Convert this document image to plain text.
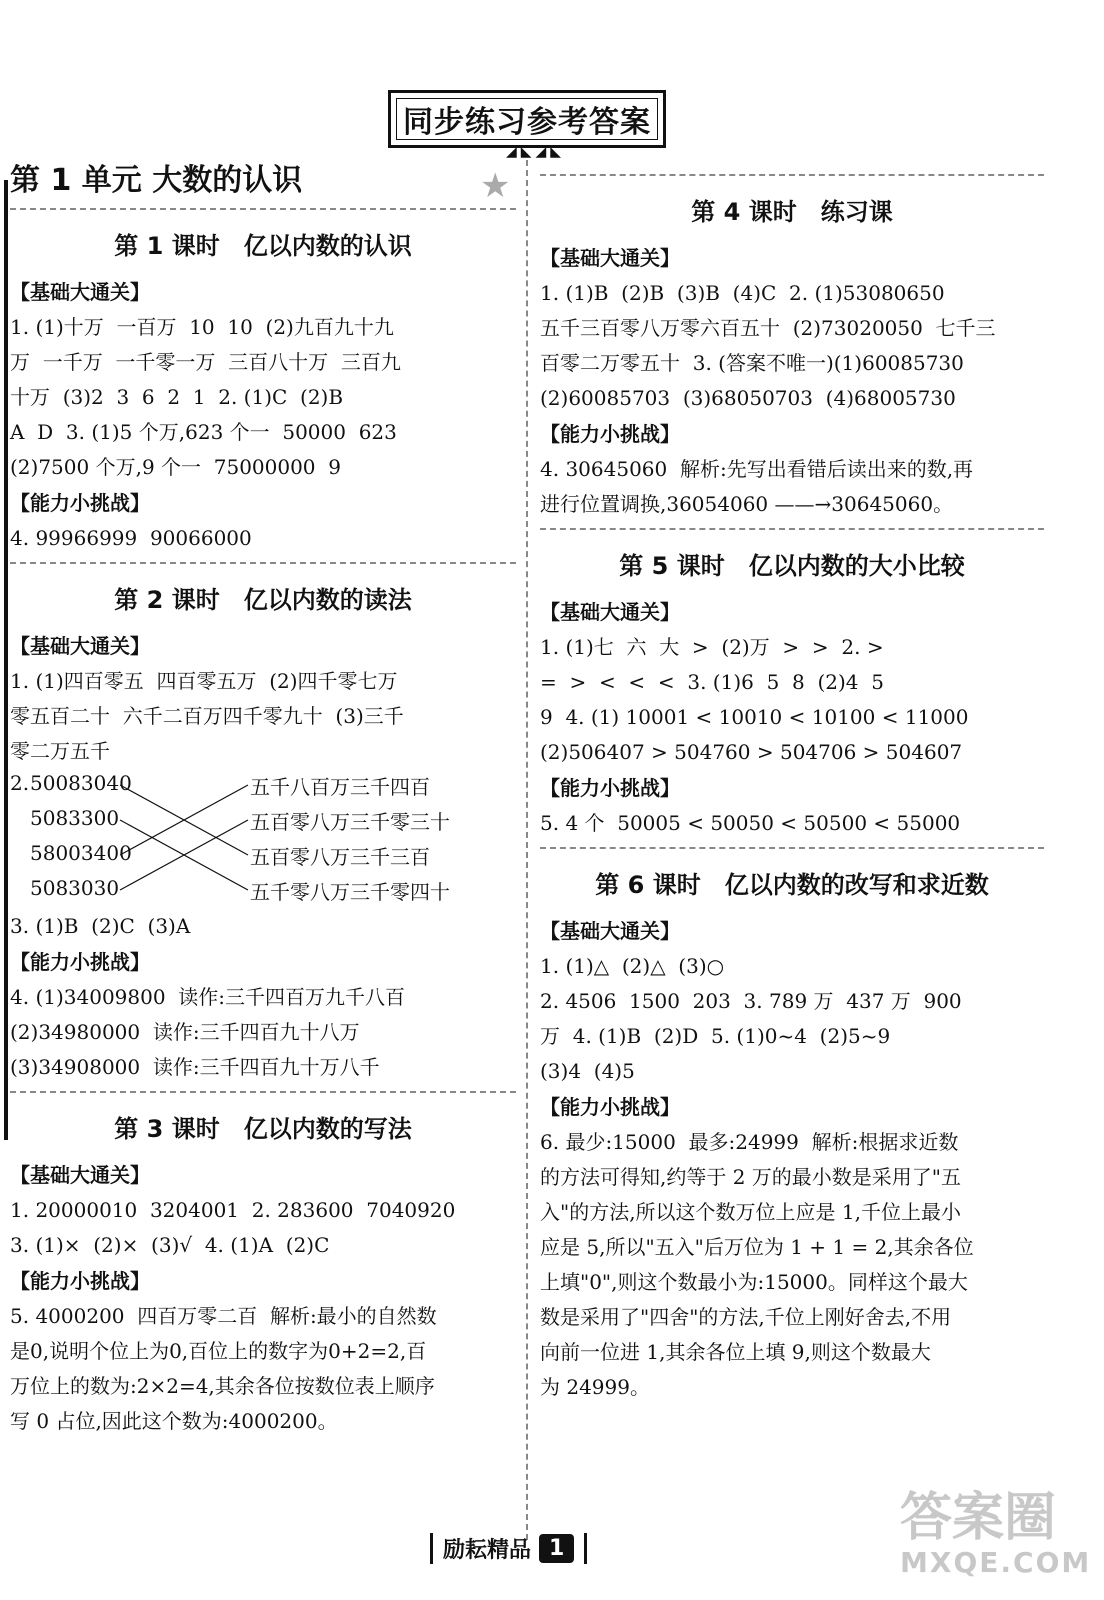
同步练习参考答案
◢◣◢◣
★
第 1 单元 大数的认识
第 1 课时 亿以内数的认识
【基础大通关】
1. (1)十万  一百万  10  10  (2)九百九十九
万  一千万  一千零一万  三百八十万  三百九
十万  (3)2  3  6  2  1  2. (1)C  (2)B
A  D  3. (1)5 个万,623 个一  50000  623
(2)7500 个万,9 个一  75000000  9
【能力小挑战】
4. 99966999  90066000
第 2 课时 亿以内数的读法
【基础大通关】
1. (1)四百零五  四百零五万  (2)四千零七万
零五百二十  六千二百万四千零九十  (3)三千
零二万五千
2. 50083040
5083300
58003400
5083030
五千八百万三千四百
五百零八万三千零三十
五百零八万三千三百
五千零八万三千零四十
3. (1)B  (2)C  (3)A
【能力小挑战】
4. (1)34009800  读作:三千四百万九千八百
(2)34980000  读作:三千四百九十八万
(3)34908000  读作:三千四百九十万八千
第 3 课时 亿以内数的写法
【基础大通关】
1. 20000010  3204001  2. 283600  7040920
3. (1)×  (2)×  (3)√  4. (1)A  (2)C
【能力小挑战】
5. 4000200  四百万零二百  解析:最小的自然数
是0,说明个位上为0,百位上的数字为0+2=2,百
万位上的数为:2×2=4,其余各位按数位表上顺序
写 0 占位,因此这个数为:4000200。
第 4 课时 练习课
【基础大通关】
1. (1)B  (2)B  (3)B  (4)C  2. (1)53080650
五千三百零八万零六百五十  (2)73020050  七千三
百零二万零五十  3. (答案不唯一)(1)60085730
(2)60085703  (3)68050703  (4)68005730
【能力小挑战】
4. 30645060  解析:先写出看错后读出来的数,再
进行位置调换,36054060 ——→30645060。
第 5 课时 亿以内数的大小比较
【基础大通关】
1. (1)七  六  大  >  (2)万  >  >  2. >
=  >  <  <  <  3. (1)6  5  8  (2)4  5
9  4. (1) 10001 < 10010 < 10100 < 11000
(2)506407 > 504760 > 504706 > 504607
【能力小挑战】
5. 4 个  50005 < 50050 < 50500 < 55000
第 6 课时 亿以内数的改写和求近数
【基础大通关】
1. (1)△  (2)△  (3)○
2. 4506  1500  203  3. 789 万  437 万  900
万  4. (1)B  (2)D  5. (1)0~4  (2)5~9
(3)4  (4)5
【能力小挑战】
6. 最少:15000  最多:24999  解析:根据求近数
的方法可得知,约等于 2 万的最小数是采用了"五
入"的方法,所以这个数万位上应是 1,千位上最小
应是 5,所以"五入"后万位为 1 + 1 = 2,其余各位
上填"0",则这个数最小为:15000。同样这个最大
数是采用了"四舍"的方法,千位上刚好舍去,不用
向前一位进 1,其余各位上填 9,则这个数最大
为 24999。
励耘精品 1	答案圈
MXQE.COM
